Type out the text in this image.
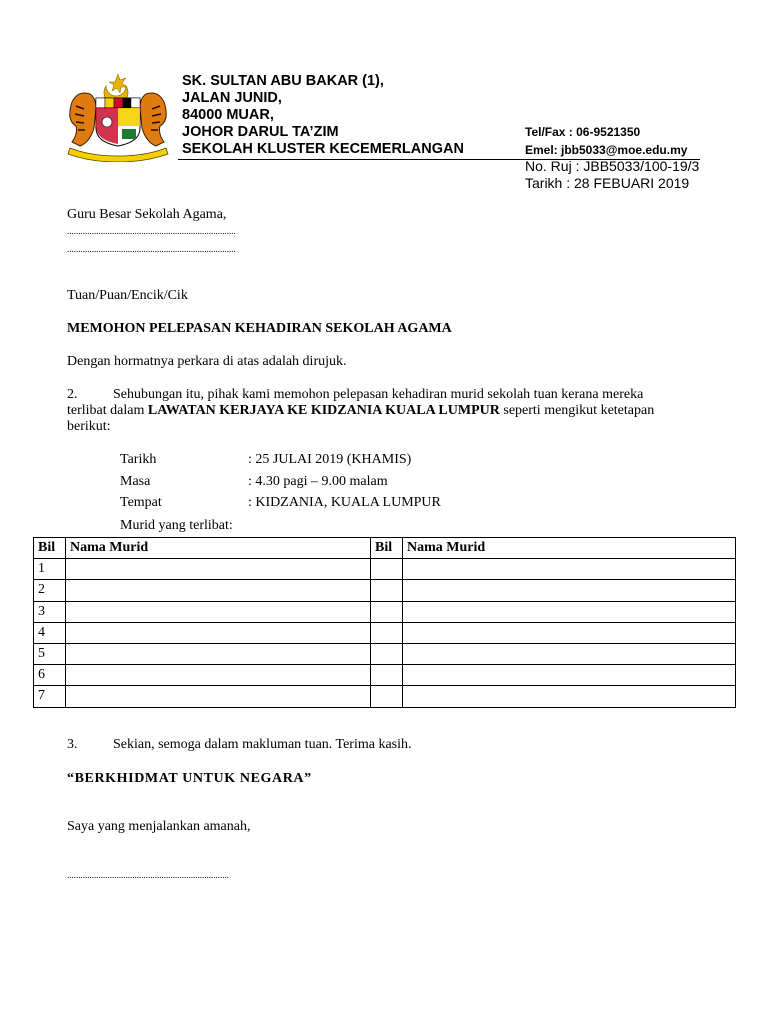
SK. SULTAN ABU BAKAR (1),
JALAN JUNID,
84000 MUAR,
JOHOR DARUL TA’ZIM
SEKOLAH KLUSTER KECEMERLANGAN
Tel/Fax : 06-9521350
Emel: jbb5033@moe.edu.my
No. Ruj : JBB5033/100-19/3
Tarikh : 28 FEBUARI 2019
Guru Besar Sekolah Agama,
...........................................................................
...........................................................................
Tuan/Puan/Encik/Cik
MEMOHON PELEPASAN KEHADIRAN SEKOLAH AGAMA
Dengan hormatnya perkara di atas adalah dirujuk.
2.	Sehubungan itu, pihak kami memohon pelepasan kehadiran murid sekolah tuan kerana mereka
terlibat dalam LAWATAN KERJAYA KE KIDZANIA KUALA LUMPUR seperti mengikut ketetapan
berikut:
Tarikh	: 25 JULAI 2019 (KHAMIS)
Masa	: 4.30 pagi – 9.00 malam
Tempat	: KIDZANIA, KUALA LUMPUR
Murid yang terlibat:
Bil	Nama Murid	Bil	Nama Murid
1			
2			
3			
4			
5			
6			
7			
3.	Sekian, semoga dalam makluman tuan. Terima kasih.
“BERKHIDMAT UNTUK NEGARA”
Saya yang menjalankan amanah,
........................................................................
